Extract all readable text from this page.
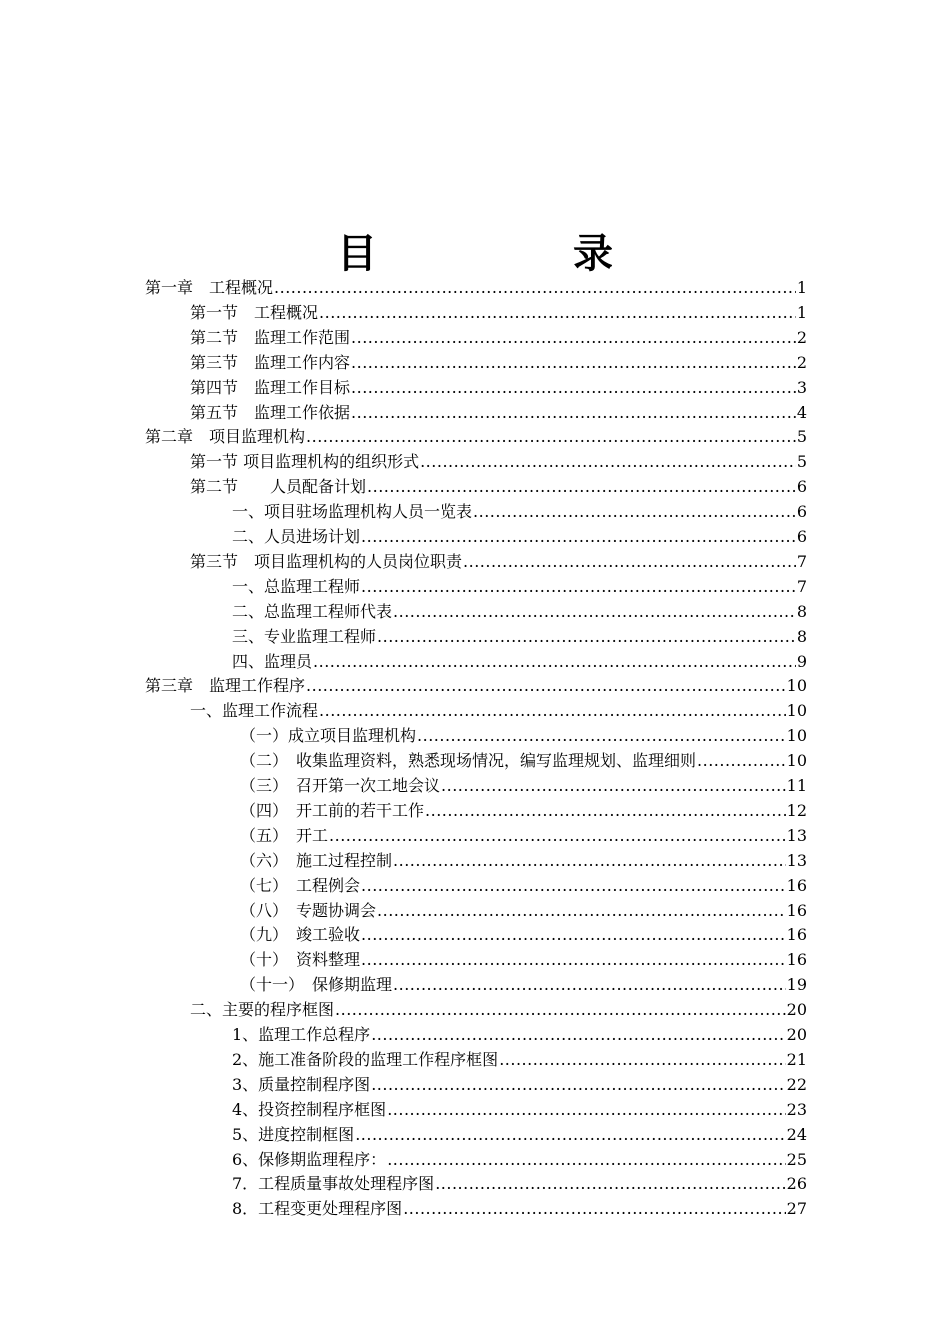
目　录
第一章　工程概况 .....	1
第一节　工程概况 .....	1
第二节　监理工作范围 .....	2
第三节　监理工作内容 .....	2
第四节　监理工作目标 .....	3
第五节　监理工作依据 .....	4
第二章　项目监理机构 .....	5
第一节 项目监理机构的组织形式 .....	5
第二节　　人员配备计划 .....	6
一、项目驻场监理机构人员一览表 .....	6
二、人员进场计划 .....	6
第三节　项目监理机构的人员岗位职责 .....	7
一、总监理工程师 .....	7
二、总监理工程师代表 .....	8
三、专业监理工程师 .....	8
四、监理员 .....	9
第三章　监理工作程序 .....	10
一、监理工作流程 .....	10
（一）成立项目监理机构 .....	10
（二）　收集监理资料，熟悉现场情况，编写监理规划、监理细则 .....	10
（三）　召开第一次工地会议 .....	11
（四）　开工前的若干工作 .....	12
（五）　开工 .....	13
（六）　施工过程控制 .....	13
（七）　工程例会 .....	16
（八）　专题协调会 .....	16
（九）　竣工验收 .....	16
（十）　资料整理 .....	16
（十一）　保修期监理 .....	19
二、主要的程序框图 .....	20
1、监理工作总程序 .....	20
2、施工准备阶段的监理工作程序框图 .....	21
3、质量控制程序图 .....	22
4、投资控制程序框图 .....	23
5、进度控制框图 .....	24
6、保修期监理程序： .....	25
7．工程质量事故处理程序图 .....	26
8．工程变更处理程序图 .....	27
